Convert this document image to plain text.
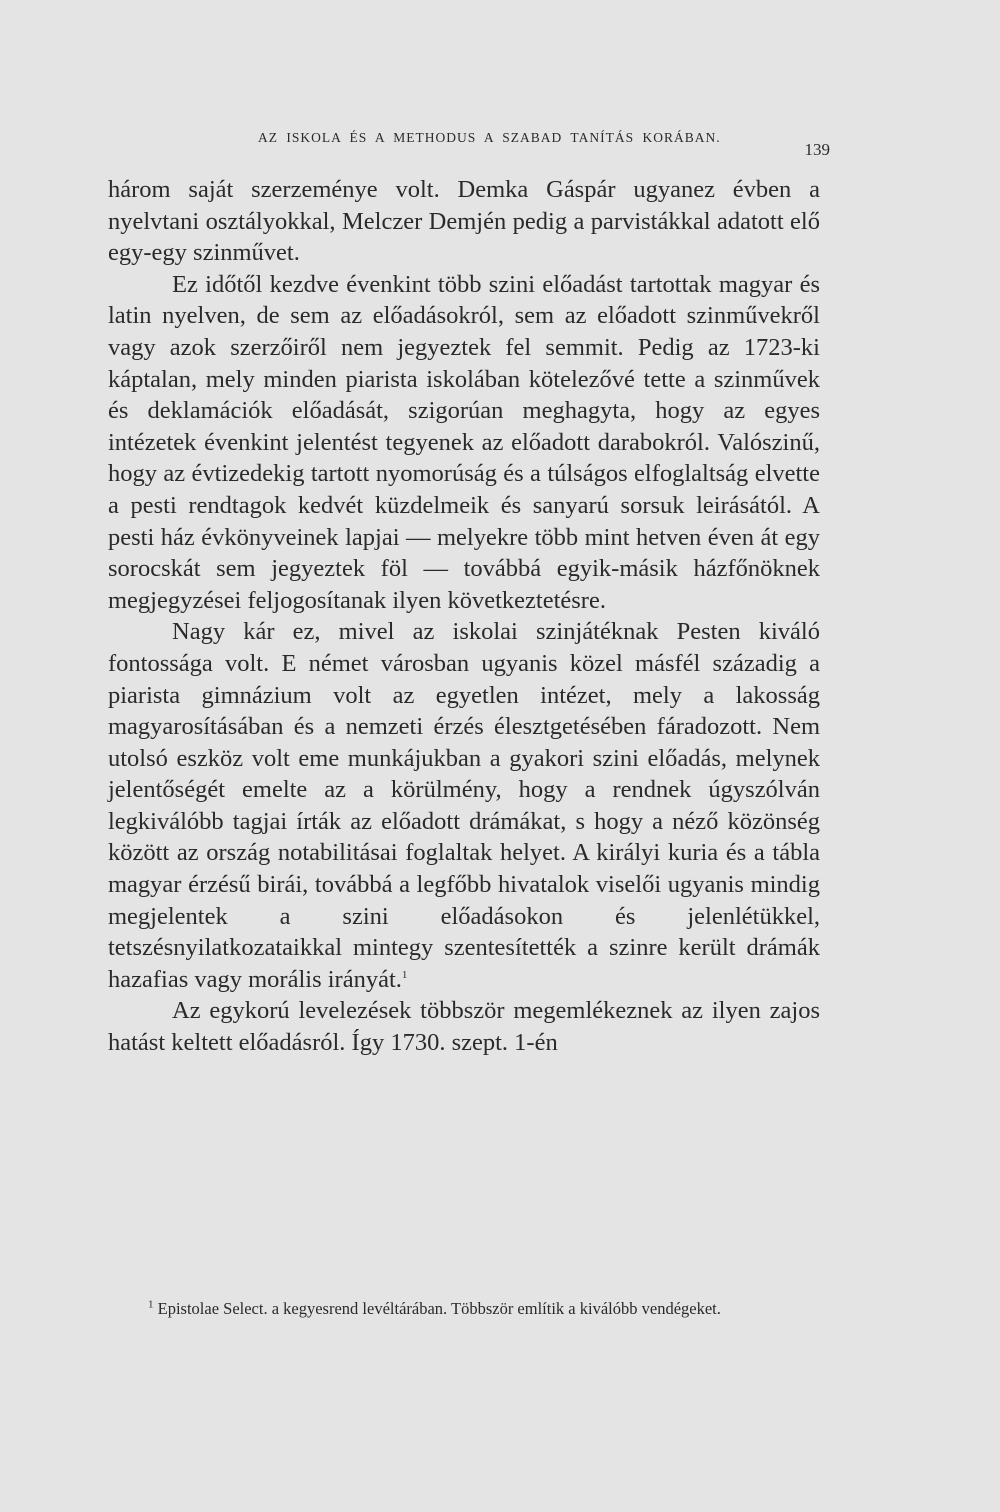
AZ ISKOLA ÉS A METHODUS A SZABAD TANÍTÁS KORÁBAN.
139

három saját szerzeménye volt. Demka Gáspár ugyanez évben a nyelvtani osztályokkal, Melczer Demjén pedig a parvistákkal adatott elő egy-egy szinművet.

Ez időtől kezdve évenkint több szini előadást tartottak magyar és latin nyelven, de sem az előadásokról, sem az előadott szinművekről vagy azok szerzőiről nem jegyeztek fel semmit. Pedig az 1723-ki káptalan, mely minden piarista iskolában kötelezővé tette a szinművek és deklamációk előadását, szigorúan meghagyta, hogy az egyes intézetek évenkint jelentést tegyenek az előadott darabokról. Valószinű, hogy az évtizedekig tartott nyomorúság és a túlságos elfoglaltság elvette a pesti rendtagok kedvét küzdelmeik és sanyarú sorsuk leirásától. A pesti ház évkönyveinek lapjai — melyekre több mint hetven éven át egy sorocskát sem jegyeztek föl — továbbá egyik-másik házfőnöknek megjegyzései feljogosítanak ilyen következtetésre.

Nagy kár ez, mivel az iskolai szinjátéknak Pesten kiváló fontossága volt. E német városban ugyanis közel másfél századig a piarista gimnázium volt az egyetlen intézet, mely a lakosság magyarosításában és a nemzeti érzés élesztgetésében fáradozott. Nem utolsó eszköz volt eme munkájukban a gyakori szini előadás, melynek jelentőségét emelte az a körülmény, hogy a rendnek úgyszólván legkiválóbb tagjai írták az előadott drámákat, s hogy a néző közönség között az ország notabilitásai foglaltak helyet. A királyi kuria és a tábla magyar érzésű birái, továbbá a legfőbb hivatalok viselői ugyanis mindig megjelentek a szini előadásokon és jelenlétükkel, tetszésnyilatkozataikkal mintegy szentesítették a szinre került drámák hazafias vagy morális irányát.$^1$

Az egykorú levelezések többször megemlékeznek az ilyen zajos hatást keltett előadásról. Így 1730. szept. 1-én

$^1$ Epistolae Select. a kegyesrend levéltárában. Többször említik a kiválóbb vendégeket.
